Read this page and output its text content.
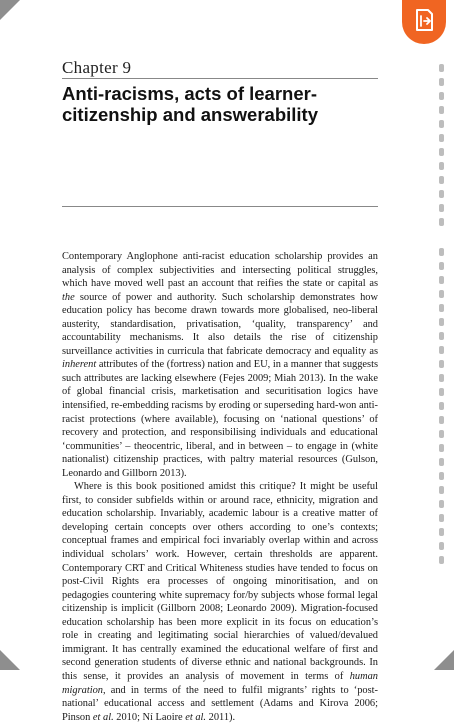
Chapter 9
Anti-racisms, acts of learner-citizenship and answerability

Contemporary Anglophone anti-racist education scholarship provides an analysis of complex subjectivities and intersecting political struggles, which have moved well past an account that reifies the state or capital as the source of power and authority. Such scholarship demonstrates how education policy has become drawn towards more globalised, neo-liberal austerity, standardisation, privatisation, ‘quality, transparency’ and accountability mechanisms. It also details the rise of citizenship surveillance activities in curricula that fabricate democracy and equality as inherent attributes of the (fortress) nation and EU, in a manner that suggests such attributes are lacking elsewhere (Fejes 2009; Miah 2013). In the wake of global financial crisis, marketisation and securitisation logics have intensified, re-embedding racisms by eroding or superseding hard-won anti-racist protections (where available), focusing on ‘national questions’ of recovery and protection, and responsibilising individuals and educational ‘communities’ – theocentric, liberal, and in between – to engage in (white nationalist) citizenship practices, with paltry material resources (Gulson, Leonardo and Gillborn 2013).

Where is this book positioned amidst this critique? It might be useful first, to consider subfields within or around race, ethnicity, migration and education scholarship. Invariably, academic labour is a creative matter of developing certain concepts over others according to one’s contexts; conceptual frames and empirical foci invariably overlap within and across individual scholars’ work. However, certain thresholds are apparent. Contemporary CRT and Critical Whiteness studies have tended to focus on post-Civil Rights era processes of ongoing minoritisation, and on pedagogies countering white supremacy for/by subjects whose formal legal citizenship is implicit (Gillborn 2008; Leonardo 2009). Migration-focused education scholarship has been more explicit in its focus on education’s role in creating and legitimating social hierarchies of valued/devalued immigrant. It has centrally examined the educational welfare of first and second generation students of diverse ethnic and national backgrounds. In this sense, it provides an analysis of movement in terms of human migration, and in terms of the need to fulfil migrants’ rights to ‘post-national’ educational access and settlement (Adams and Kirova 2006; Pinson et al. 2010; Ní Laoire et al. 2011).
